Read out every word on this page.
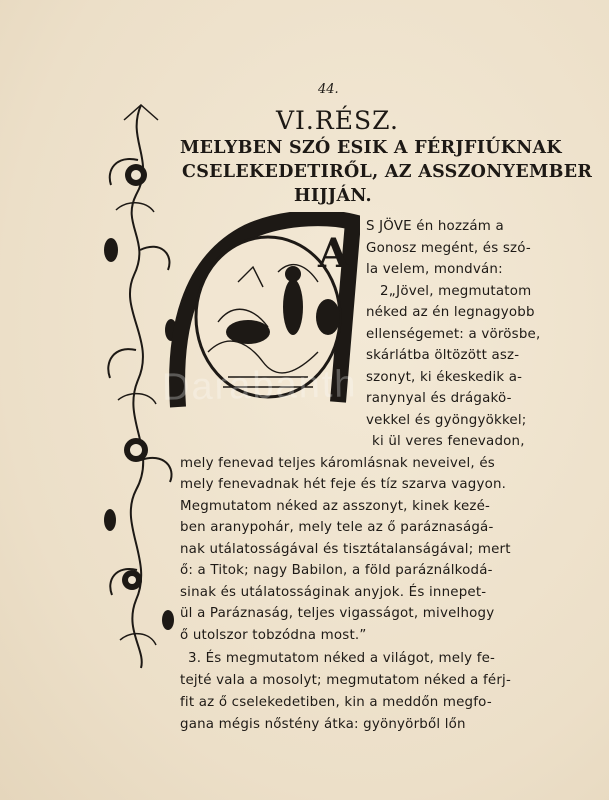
44.
VI.RÉSZ.
MELYBEN SZÓ ESIK A FÉRJFIÚKNAK
CSELEKEDETIRŐL, AZ ASSZONYEMBER
HIJJÁN.
A
S JÖVE én hozzám a
Gonosz megént, és szó-
la velem, mondván:
2„Jövel, megmutatom
néked az én legnagyobb
ellenségemet: a vörösbe,
skárlátba öltözött asz-
szonyt, ki ékeskedik a-
ranynyal és drágakö-
vekkel és gyöngyökkel;
ki ül veres fenevadon,
mely fenevad teljes káromlásnak neveivel, és
mely fenevadnak hét feje és tíz szarva vagyon.
Megmutatom néked az asszonyt, kinek kezé-
ben aranypohár, mely tele az ő paráznaságá-
nak utálatosságával és tisztátalanságával; mert
ő: a Titok; nagy Babilon, a föld paráználkodá-
sinak és utálatosságinak anyjok. És innepet-
ül a Paráznaság, teljes vigasságot, mivelhogy
ő utolszor tobzódna most.”
3. És megmutatom néked a világot, mely fe-
tejté vala a mosolyt; megmutatom néked a férj-
fit az ő cselekedetiben, kin a meddőn megfo-
gana mégis nőstény átka: gyönyörből lőn
Darabanth
